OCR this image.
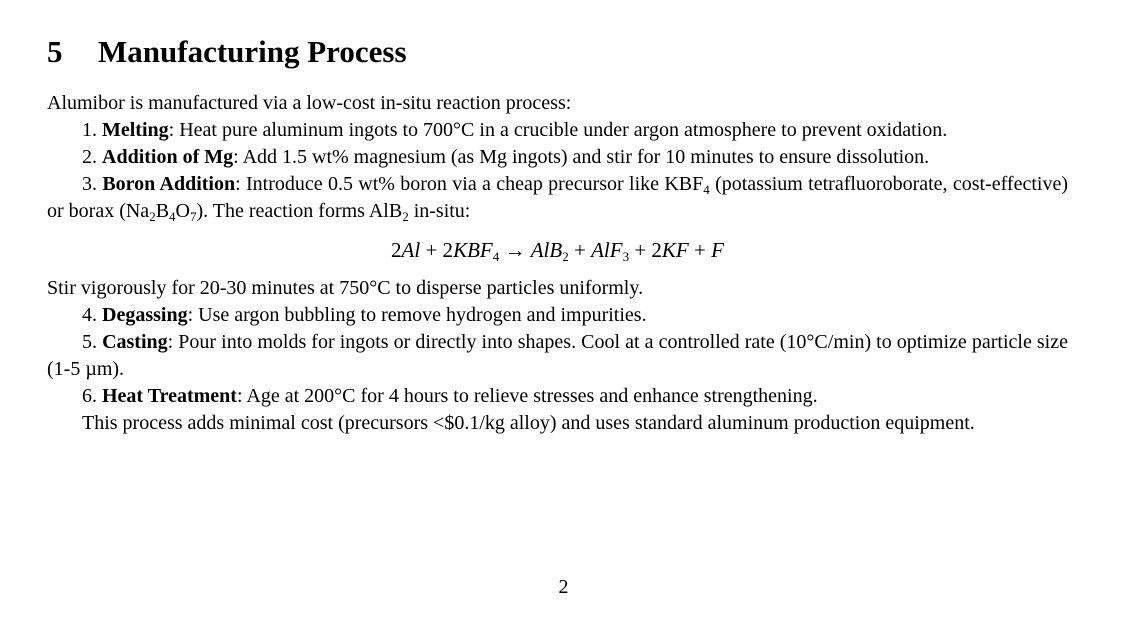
5 Manufacturing Process

Alumibor is manufactured via a low-cost in-situ reaction process:

1. Melting: Heat pure aluminum ingots to 700°C in a crucible under argon atmosphere to prevent oxidation.

2. Addition of Mg: Add 1.5 wt% magnesium (as Mg ingots) and stir for 10 minutes to ensure dissolution.

3. Boron Addition: Introduce 0.5 wt% boron via a cheap precursor like $KBF_4$ (potassium tetrafluoroborate, cost-effective) or borax $(Na_2B_4O_7)$. The reaction forms AlB$_2$ in-situ:

$2Al + 2KBF_4 \to AlB_2 + AlF_3 + 2KF + F$

Stir vigorously for 20-30 minutes at 750°C to disperse particles uniformly.

4. Degassing: Use argon bubbling to remove hydrogen and impurities.

5. Casting: Pour into molds for ingots or directly into shapes. Cool at a controlled rate (10°C/min) to optimize particle size (1-5 µm).

6. Heat Treatment: Age at 200°C for 4 hours to relieve stresses and enhance strengthening.

This process adds minimal cost (precursors <$0.1/kg alloy) and uses standard aluminum production equipment.

2
